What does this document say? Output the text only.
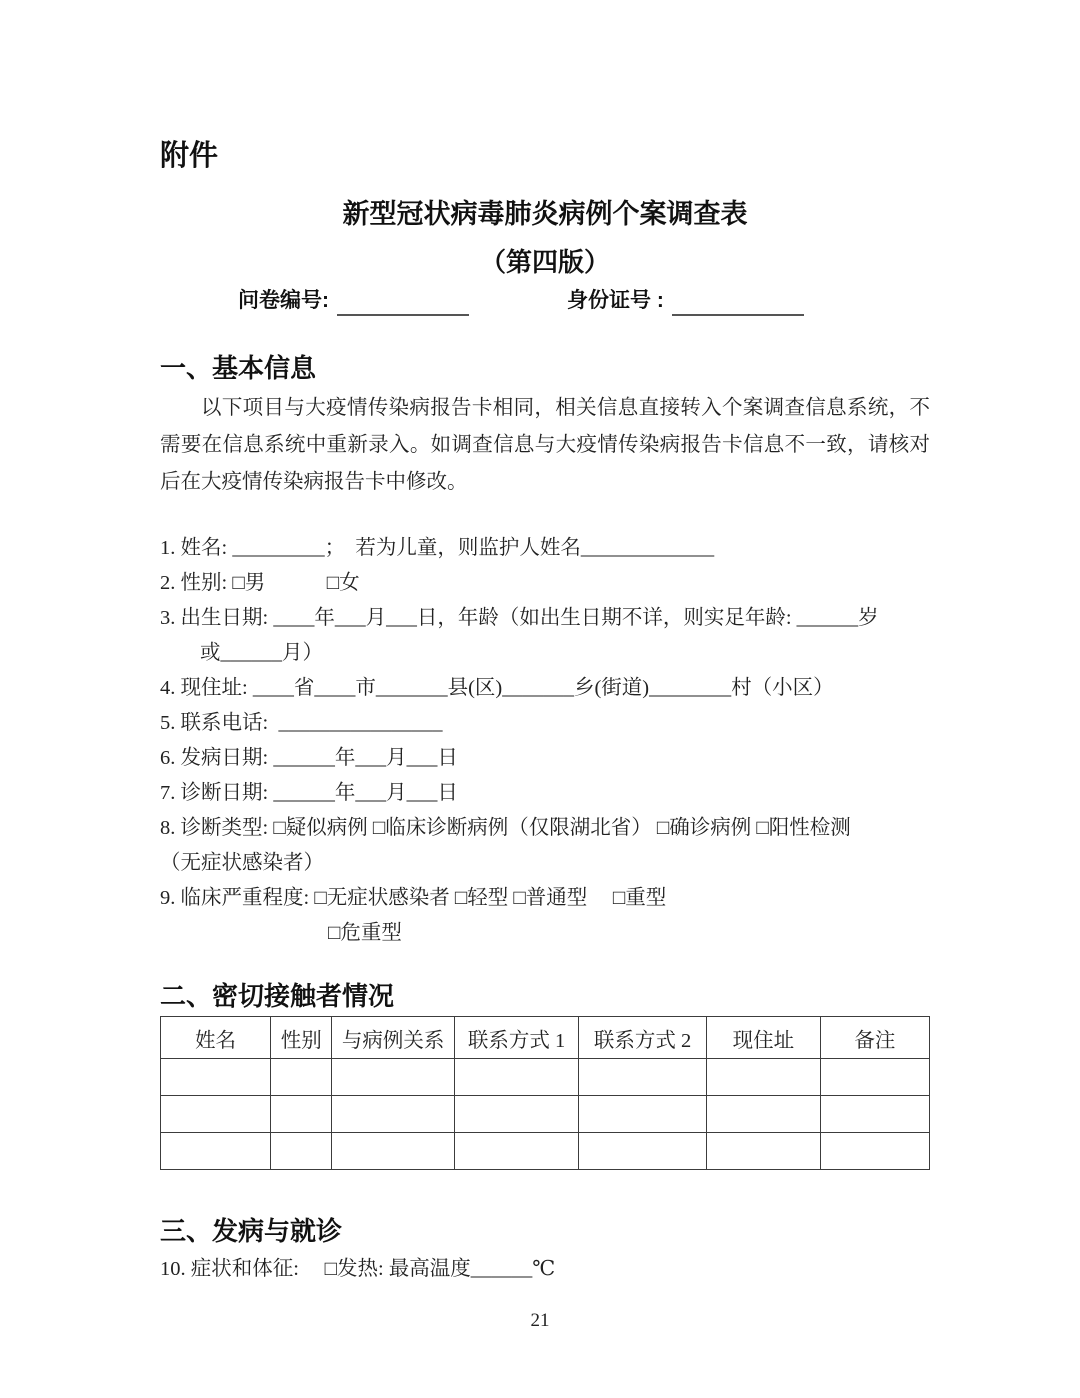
附件
新型冠状病毒肺炎病例个案调查表
（第四版）
问卷编号:	身份证号 :
一、基本信息
以下项目与大疫情传染病报告卡相同，相关信息直接转入个案调查信息系统，不需要在信息系统中重新录入。如调查信息与大疫情传染病报告卡信息不一致，请核对后在大疫情传染病报告卡中修改。
1. 姓名: _________；  若为儿童，则监护人姓名_____________
2. 性别: □男　　　□女
3. 出生日期: ____年___月___日，年龄（如出生日期不详，则实足年龄: ______岁
或______月）
4. 现住址: ____省____市_______县(区)_______乡(街道)________村（小区）
5. 联系电话:  ________________
6. 发病日期: ______年___月___日
7. 诊断日期: ______年___月___日
8. 诊断类型: □疑似病例 □临床诊断病例（仅限湖北省） □确诊病例 □阳性检测
（无症状感染者）
9. 临床严重程度: □无症状感染者 □轻型 □普通型　 □重型
□危重型
二、密切接触者情况
姓名	性别	与病例关系	联系方式 1	联系方式 2	现住址	备注

三、发病与就诊
10. 症状和体征:　 □发热: 最高温度______℃
21
